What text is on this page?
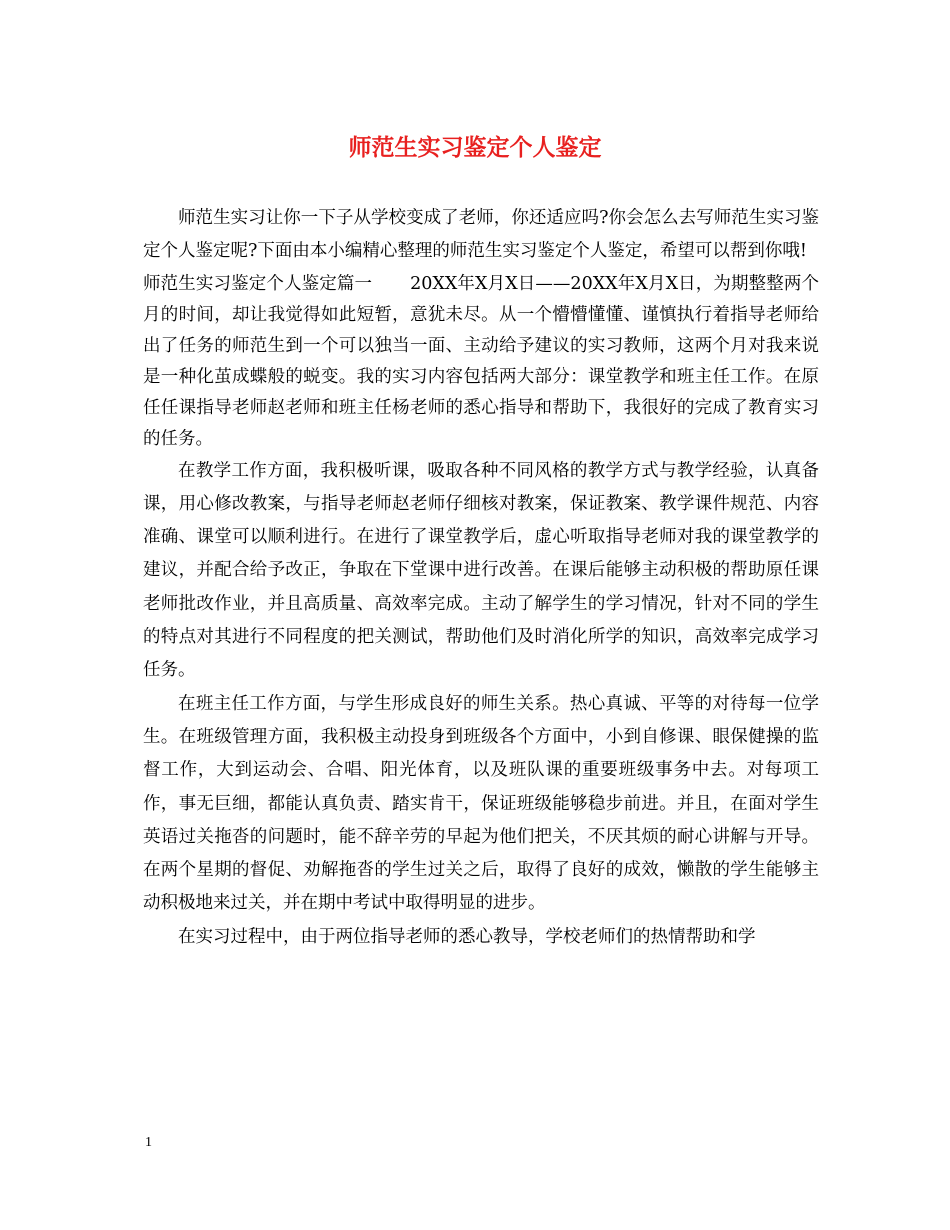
师范生实习鉴定个人鉴定

师范生实习让你一下子从学校变成了老师，你还适应吗?你会怎么去写师范生实习鉴定个人鉴定呢?下面由本小编精心整理的师范生实习鉴定个人鉴定，希望可以帮到你哦!

师范生实习鉴定个人鉴定篇一 20XX年X月X日——20XX年X月X日，为期整整两个月的时间，却让我觉得如此短暂，意犹未尽。从一个懵懵懂懂、谨慎执行着指导老师给出了任务的师范生到一个可以独当一面、主动给予建议的实习教师，这两个月对我来说是一种化茧成蝶般的蜕变。我的实习内容包括两大部分：课堂教学和班主任工作。在原任任课指导老师赵老师和班主任杨老师的悉心指导和帮助下，我很好的完成了教育实习的任务。

在教学工作方面，我积极听课，吸取各种不同风格的教学方式与教学经验，认真备课，用心修改教案，与指导老师赵老师仔细核对教案，保证教案、教学课件规范、内容准确、课堂可以顺利进行。在进行了课堂教学后，虚心听取指导老师对我的课堂教学的建议，并配合给予改正，争取在下堂课中进行改善。在课后能够主动积极的帮助原任课老师批改作业，并且高质量、高效率完成。主动了解学生的学习情况，针对不同的学生的特点对其进行不同程度的把关测试，帮助他们及时消化所学的知识，高效率完成学习任务。

在班主任工作方面，与学生形成良好的师生关系。热心真诚、平等的对待每一位学生。在班级管理方面，我积极主动投身到班级各个方面中，小到自修课、眼保健操的监督工作，大到运动会、合唱、阳光体育，以及班队课的重要班级事务中去。对每项工作，事无巨细，都能认真负责、踏实肯干，保证班级能够稳步前进。并且，在面对学生英语过关拖沓的问题时，能不辞辛劳的早起为他们把关，不厌其烦的耐心讲解与开导。在两个星期的督促、劝解拖沓的学生过关之后，取得了良好的成效，懒散的学生能够主动积极地来过关，并在期中考试中取得明显的进步。

在实习过程中，由于两位指导老师的悉心教导，学校老师们的热情帮助和学

1
